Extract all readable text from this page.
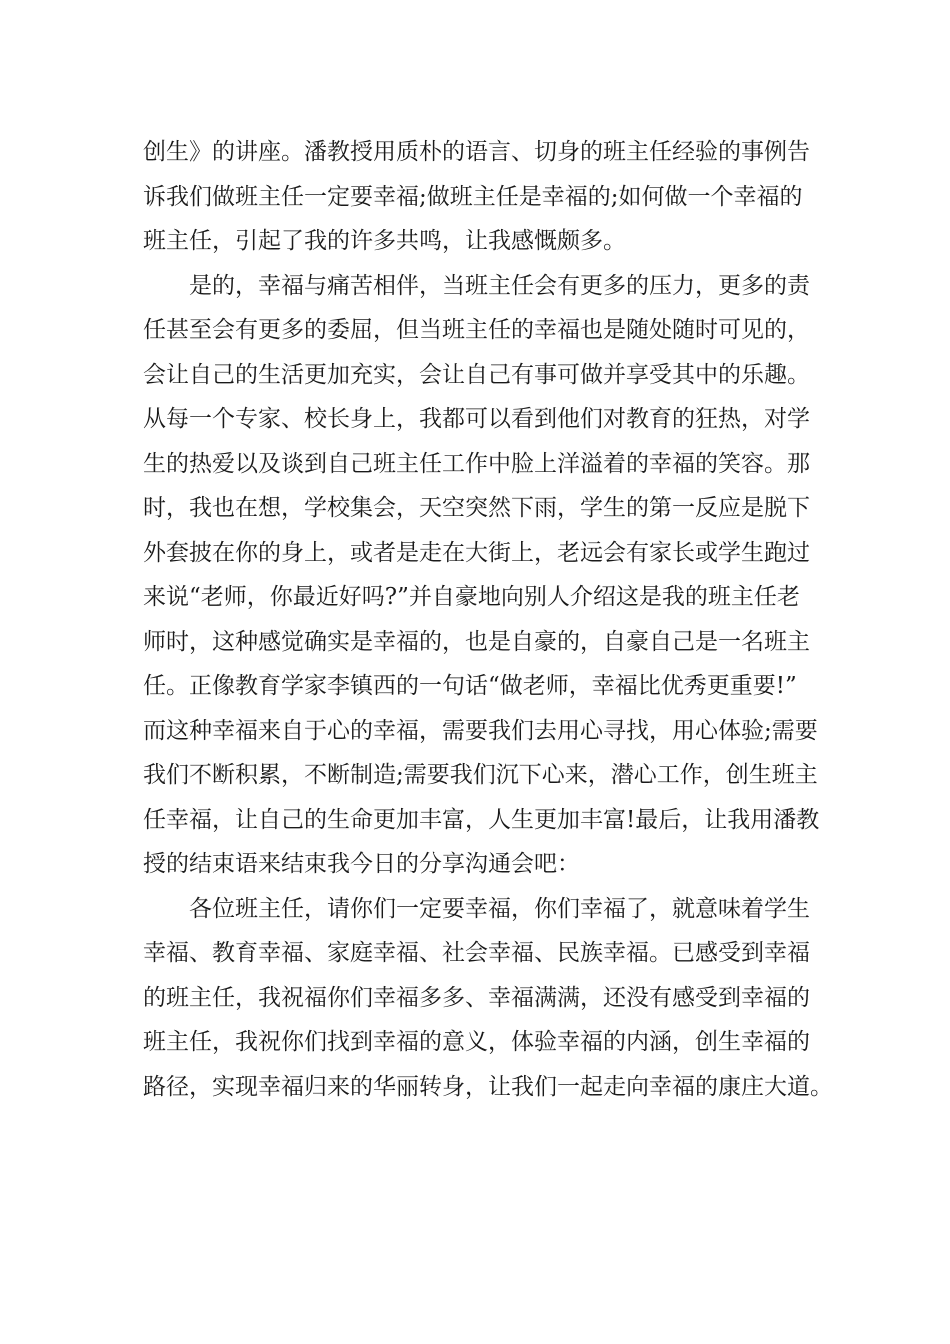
创生》的讲座。潘教授用质朴的语言、切身的班主任经验的事例告
诉我们做班主任一定要幸福;做班主任是幸福的;如何做一个幸福的
班主任，引起了我的许多共鸣，让我感慨颇多。
是的，幸福与痛苦相伴，当班主任会有更多的压力，更多的责
任甚至会有更多的委屈，但当班主任的幸福也是随处随时可见的，
会让自己的生活更加充实，会让自己有事可做并享受其中的乐趣。
从每一个专家、校长身上，我都可以看到他们对教育的狂热，对学
生的热爱以及谈到自己班主任工作中脸上洋溢着的幸福的笑容。那
时，我也在想，学校集会，天空突然下雨，学生的第一反应是脱下
外套披在你的身上，或者是走在大街上，老远会有家长或学生跑过
来说“老师，你最近好吗?”并自豪地向别人介绍这是我的班主任老
师时，这种感觉确实是幸福的，也是自豪的，自豪自己是一名班主
任。正像教育学家李镇西的一句话“做老师，幸福比优秀更重要!”
而这种幸福来自于心的幸福，需要我们去用心寻找，用心体验;需要
我们不断积累，不断制造;需要我们沉下心来，潜心工作，创生班主
任幸福，让自己的生命更加丰富，人生更加丰富!最后，让我用潘教
授的结束语来结束我今日的分享沟通会吧：
各位班主任，请你们一定要幸福，你们幸福了，就意味着学生
幸福、教育幸福、家庭幸福、社会幸福、民族幸福。已感受到幸福
的班主任，我祝福你们幸福多多、幸福满满，还没有感受到幸福的
班主任，我祝你们找到幸福的意义，体验幸福的内涵，创生幸福的
路径，实现幸福归来的华丽转身，让我们一起走向幸福的康庄大道。
